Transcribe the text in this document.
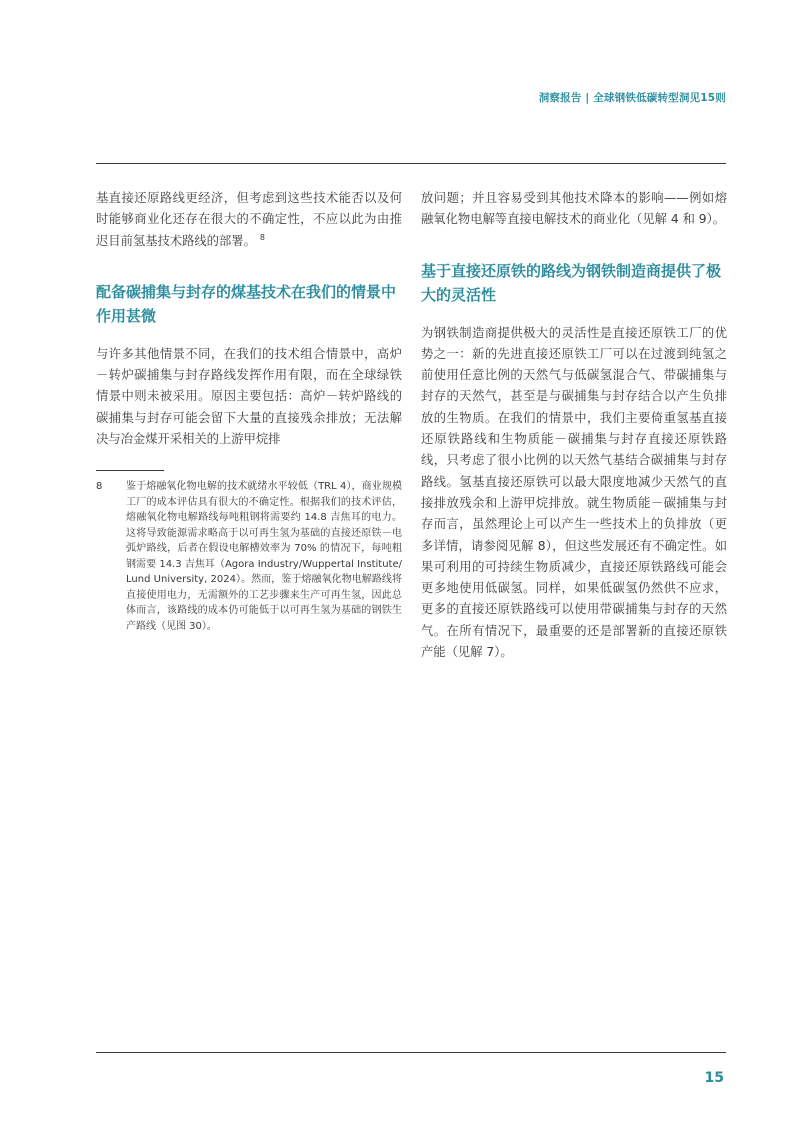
洞察报告 | 全球钢铁低碳转型洞见15则

基直接还原路线更经济，但考虑到这些技术能否以及何时能够商业化还存在很大的不确定性，不应以此为由推迟目前氢基技术路线的部署。 $^8$

配备碳捕集与封存的煤基技术在我们的情景中作用甚微

与许多其他情景不同，在我们的技术组合情景中，高炉－转炉碳捕集与封存路线发挥作用有限，而在全球绿铁情景中则未被采用。原因主要包括：高炉－转炉路线的碳捕集与封存可能会留下大量的直接残余排放；无法解决与冶金煤开采相关的上游甲烷排

8	鉴于熔融氧化物电解的技术就绪水平较低（TRL 4），商业规模工厂的成本评估具有很大的不确定性。根据我们的技术评估，熔融氧化物电解路线每吨粗钢将需要约 14.8 吉焦耳的电力。这将导致能源需求略高于以可再生氢为基础的直接还原铁－电弧炉路线，后者在假设电解槽效率为 70% 的情况下，每吨粗钢需要 14.3 吉焦耳（Agora Industry/Wuppertal Institute/Lund University, 2024）。然而，鉴于熔融氧化物电解路线将直接使用电力，无需额外的工艺步骤来生产可再生氢，因此总体而言，该路线的成本仍可能低于以可再生氢为基础的钢铁生产路线（见图 30）。

放问题；并且容易受到其他技术降本的影响——例如熔融氧化物电解等直接电解技术的商业化（见解 4 和 9）。

基于直接还原铁的路线为钢铁制造商提供了极大的灵活性

为钢铁制造商提供极大的灵活性是直接还原铁工厂的优势之一：新的先进直接还原铁工厂可以在过渡到纯氢之前使用任意比例的天然气与低碳氢混合气、带碳捕集与封存的天然气，甚至是与碳捕集与封存结合以产生负排放的生物质。在我们的情景中，我们主要倚重氢基直接还原铁路线和生物质能－碳捕集与封存直接还原铁路线，只考虑了很小比例的以天然气基结合碳捕集与封存路线。氢基直接还原铁可以最大限度地减少天然气的直接排放残余和上游甲烷排放。就生物质能－碳捕集与封存而言，虽然理论上可以产生一些技术上的负排放（更多详情，请参阅见解 8），但这些发展还有不确定性。如果可利用的可持续生物质减少，直接还原铁路线可能会更多地使用低碳氢。同样，如果低碳氢仍然供不应求，更多的直接还原铁路线可以使用带碳捕集与封存的天然气。在所有情况下，最重要的还是部署新的直接还原铁产能（见解 7）。

15
